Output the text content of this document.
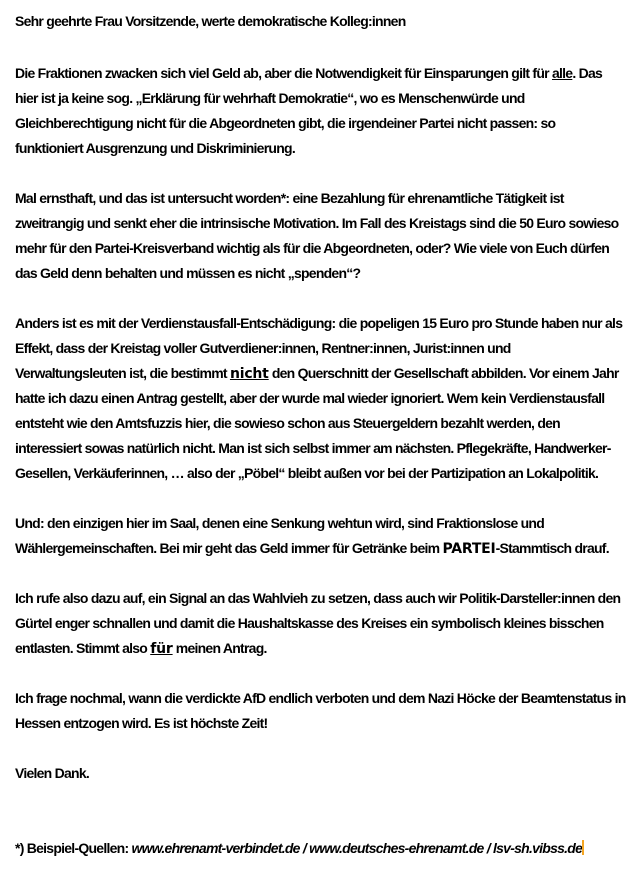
Sehr geehrte Frau Vorsitzende, werte demokratische Kolleg:innen

Die Fraktionen zwacken sich viel Geld ab, aber die Notwendigkeit für Einsparungen gilt für alle. Das

hier ist ja keine sog. „Erklärung für wehrhaft Demokratie“, wo es Menschenwürde und

Gleichberechtigung nicht für die Abgeordneten gibt, die irgendeiner Partei nicht passen: so

funktioniert Ausgrenzung und Diskriminierung.

Mal ernsthaft, und das ist untersucht worden*: eine Bezahlung für ehrenamtliche Tätigkeit ist

zweitrangig und senkt eher die intrinsische Motivation. Im Fall des Kreistags sind die 50 Euro sowieso

mehr für den Partei-Kreisverband wichtig als für die Abgeordneten, oder? Wie viele von Euch dürfen

das Geld denn behalten und müssen es nicht „spenden“?

Anders ist es mit der Verdienstausfall-Entschädigung: die popeligen 15 Euro pro Stunde haben nur als

Effekt, dass der Kreistag voller Gutverdiener:innen, Rentner:innen, Jurist:innen und

Verwaltungsleuten ist, die bestimmt nicht den Querschnitt der Gesellschaft abbilden. Vor einem Jahr

hatte ich dazu einen Antrag gestellt, aber der wurde mal wieder ignoriert. Wem kein Verdienstausfall

entsteht wie den Amtsfuzzis hier, die sowieso schon aus Steuergeldern bezahlt werden, den

interessiert sowas natürlich nicht. Man ist sich selbst immer am nächsten. Pflegekräfte, Handwerker-

Gesellen, Verkäuferinnen, … also der „Pöbel“ bleibt außen vor bei der Partizipation an Lokalpolitik.

Und: den einzigen hier im Saal, denen eine Senkung wehtun wird, sind Fraktionslose und

Wählergemeinschaften. Bei mir geht das Geld immer für Getränke beim PARTEI-Stammtisch drauf.

Ich rufe also dazu auf, ein Signal an das Wahlvieh zu setzen, dass auch wir Politik-Darsteller:innen den

Gürtel enger schnallen und damit die Haushaltskasse des Kreises ein symbolisch kleines bisschen

entlasten. Stimmt also für meinen Antrag.

Ich frage nochmal, wann die verdickte AfD endlich verboten und dem Nazi Höcke der Beamtenstatus in

Hessen entzogen wird. Es ist höchste Zeit!

Vielen Dank.

*) Beispiel-Quellen: www.ehrenamt-verbindet.de / www.deutsches-ehrenamt.de / lsv-sh.vibss.de
